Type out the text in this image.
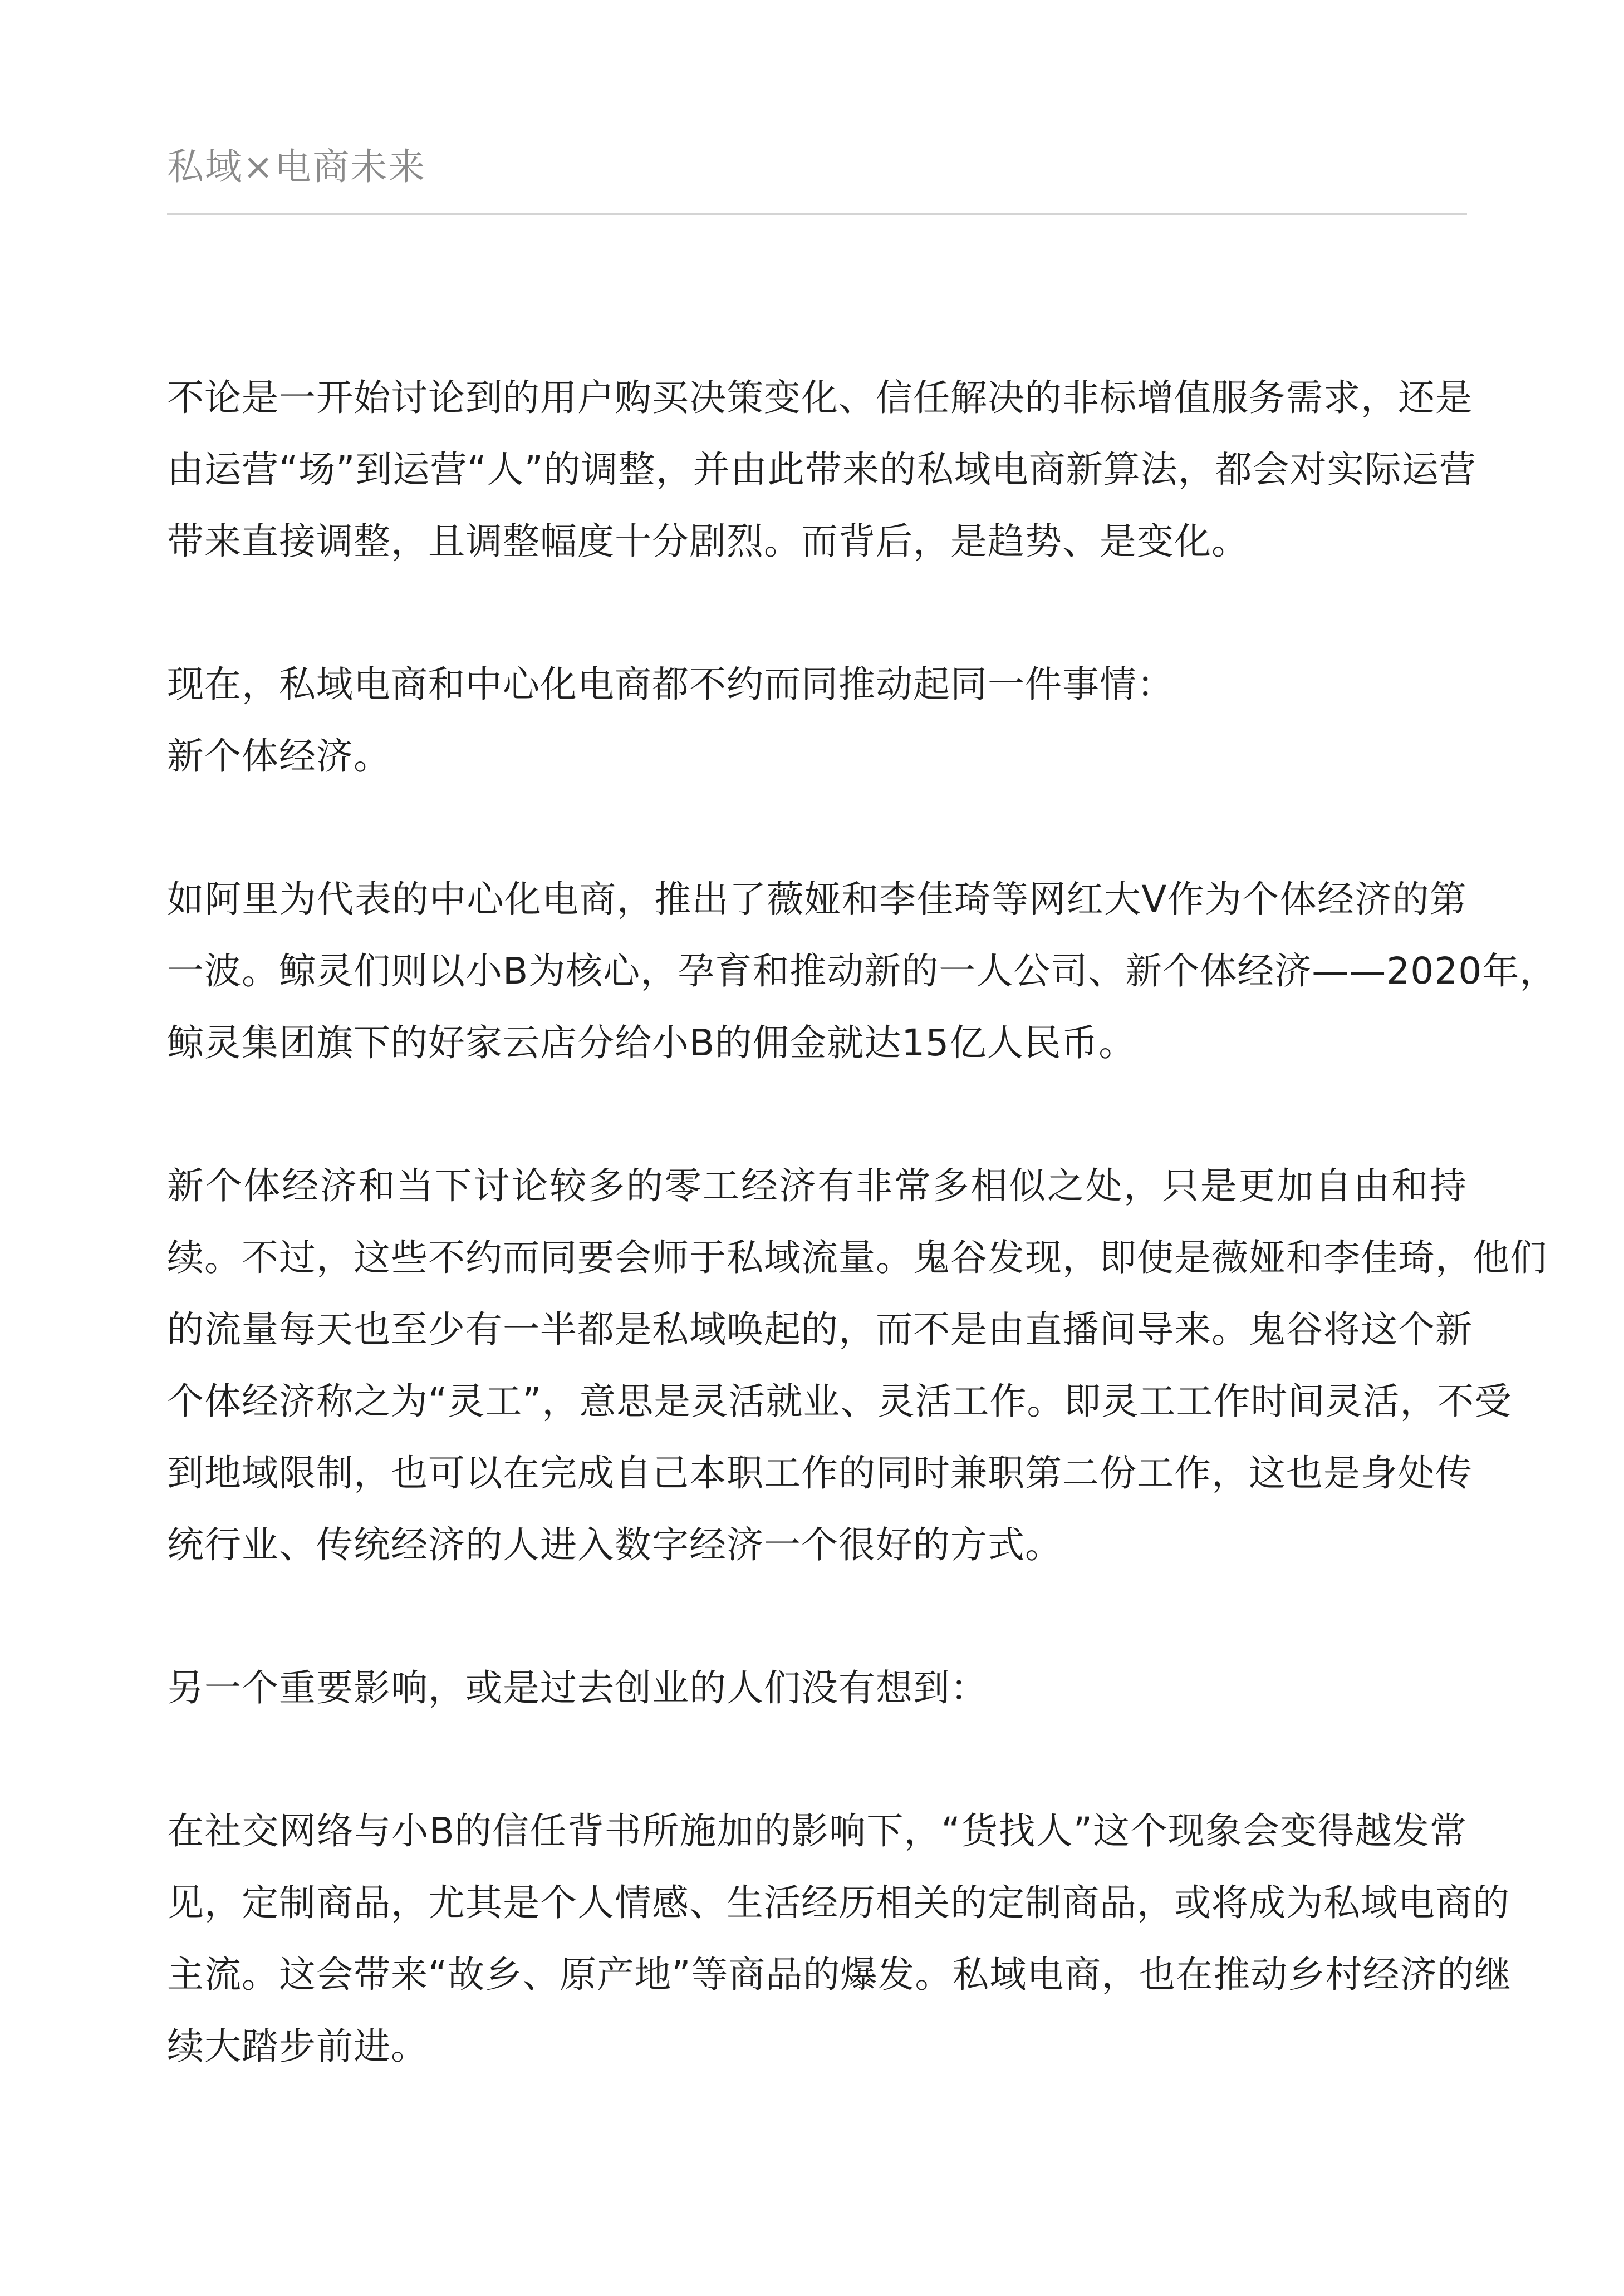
私域×电商未来

不论是一开始讨论到的用户购买决策变化、信任解决的非标增值服务需求，还是
由运营“场”到运营“人”的调整，并由此带来的私域电商新算法，都会对实际运营
带来直接调整，且调整幅度十分剧烈。而背后，是趋势、是变化。

现在，私域电商和中心化电商都不约而同推动起同一件事情：
新个体经济。

如阿里为代表的中心化电商，推出了薇娅和李佳琦等网红大V作为个体经济的第
一波。鲸灵们则以小B为核心，孕育和推动新的一人公司、新个体经济——2020年，
鲸灵集团旗下的好家云店分给小B的佣金就达15亿人民币。

新个体经济和当下讨论较多的零工经济有非常多相似之处，只是更加自由和持
续。不过，这些不约而同要会师于私域流量。鬼谷发现，即使是薇娅和李佳琦，他们
的流量每天也至少有一半都是私域唤起的，而不是由直播间导来。鬼谷将这个新
个体经济称之为“灵工”，意思是灵活就业、灵活工作。即灵工工作时间灵活，不受
到地域限制，也可以在完成自己本职工作的同时兼职第二份工作，这也是身处传
统行业、传统经济的人进入数字经济一个很好的方式。

另一个重要影响，或是过去创业的人们没有想到：

在社交网络与小B的信任背书所施加的影响下，“货找人”这个现象会变得越发常
见，定制商品，尤其是个人情感、生活经历相关的定制商品，或将成为私域电商的
主流。这会带来“故乡、原产地”等商品的爆发。私域电商，也在推动乡村经济的继
续大踏步前进。
